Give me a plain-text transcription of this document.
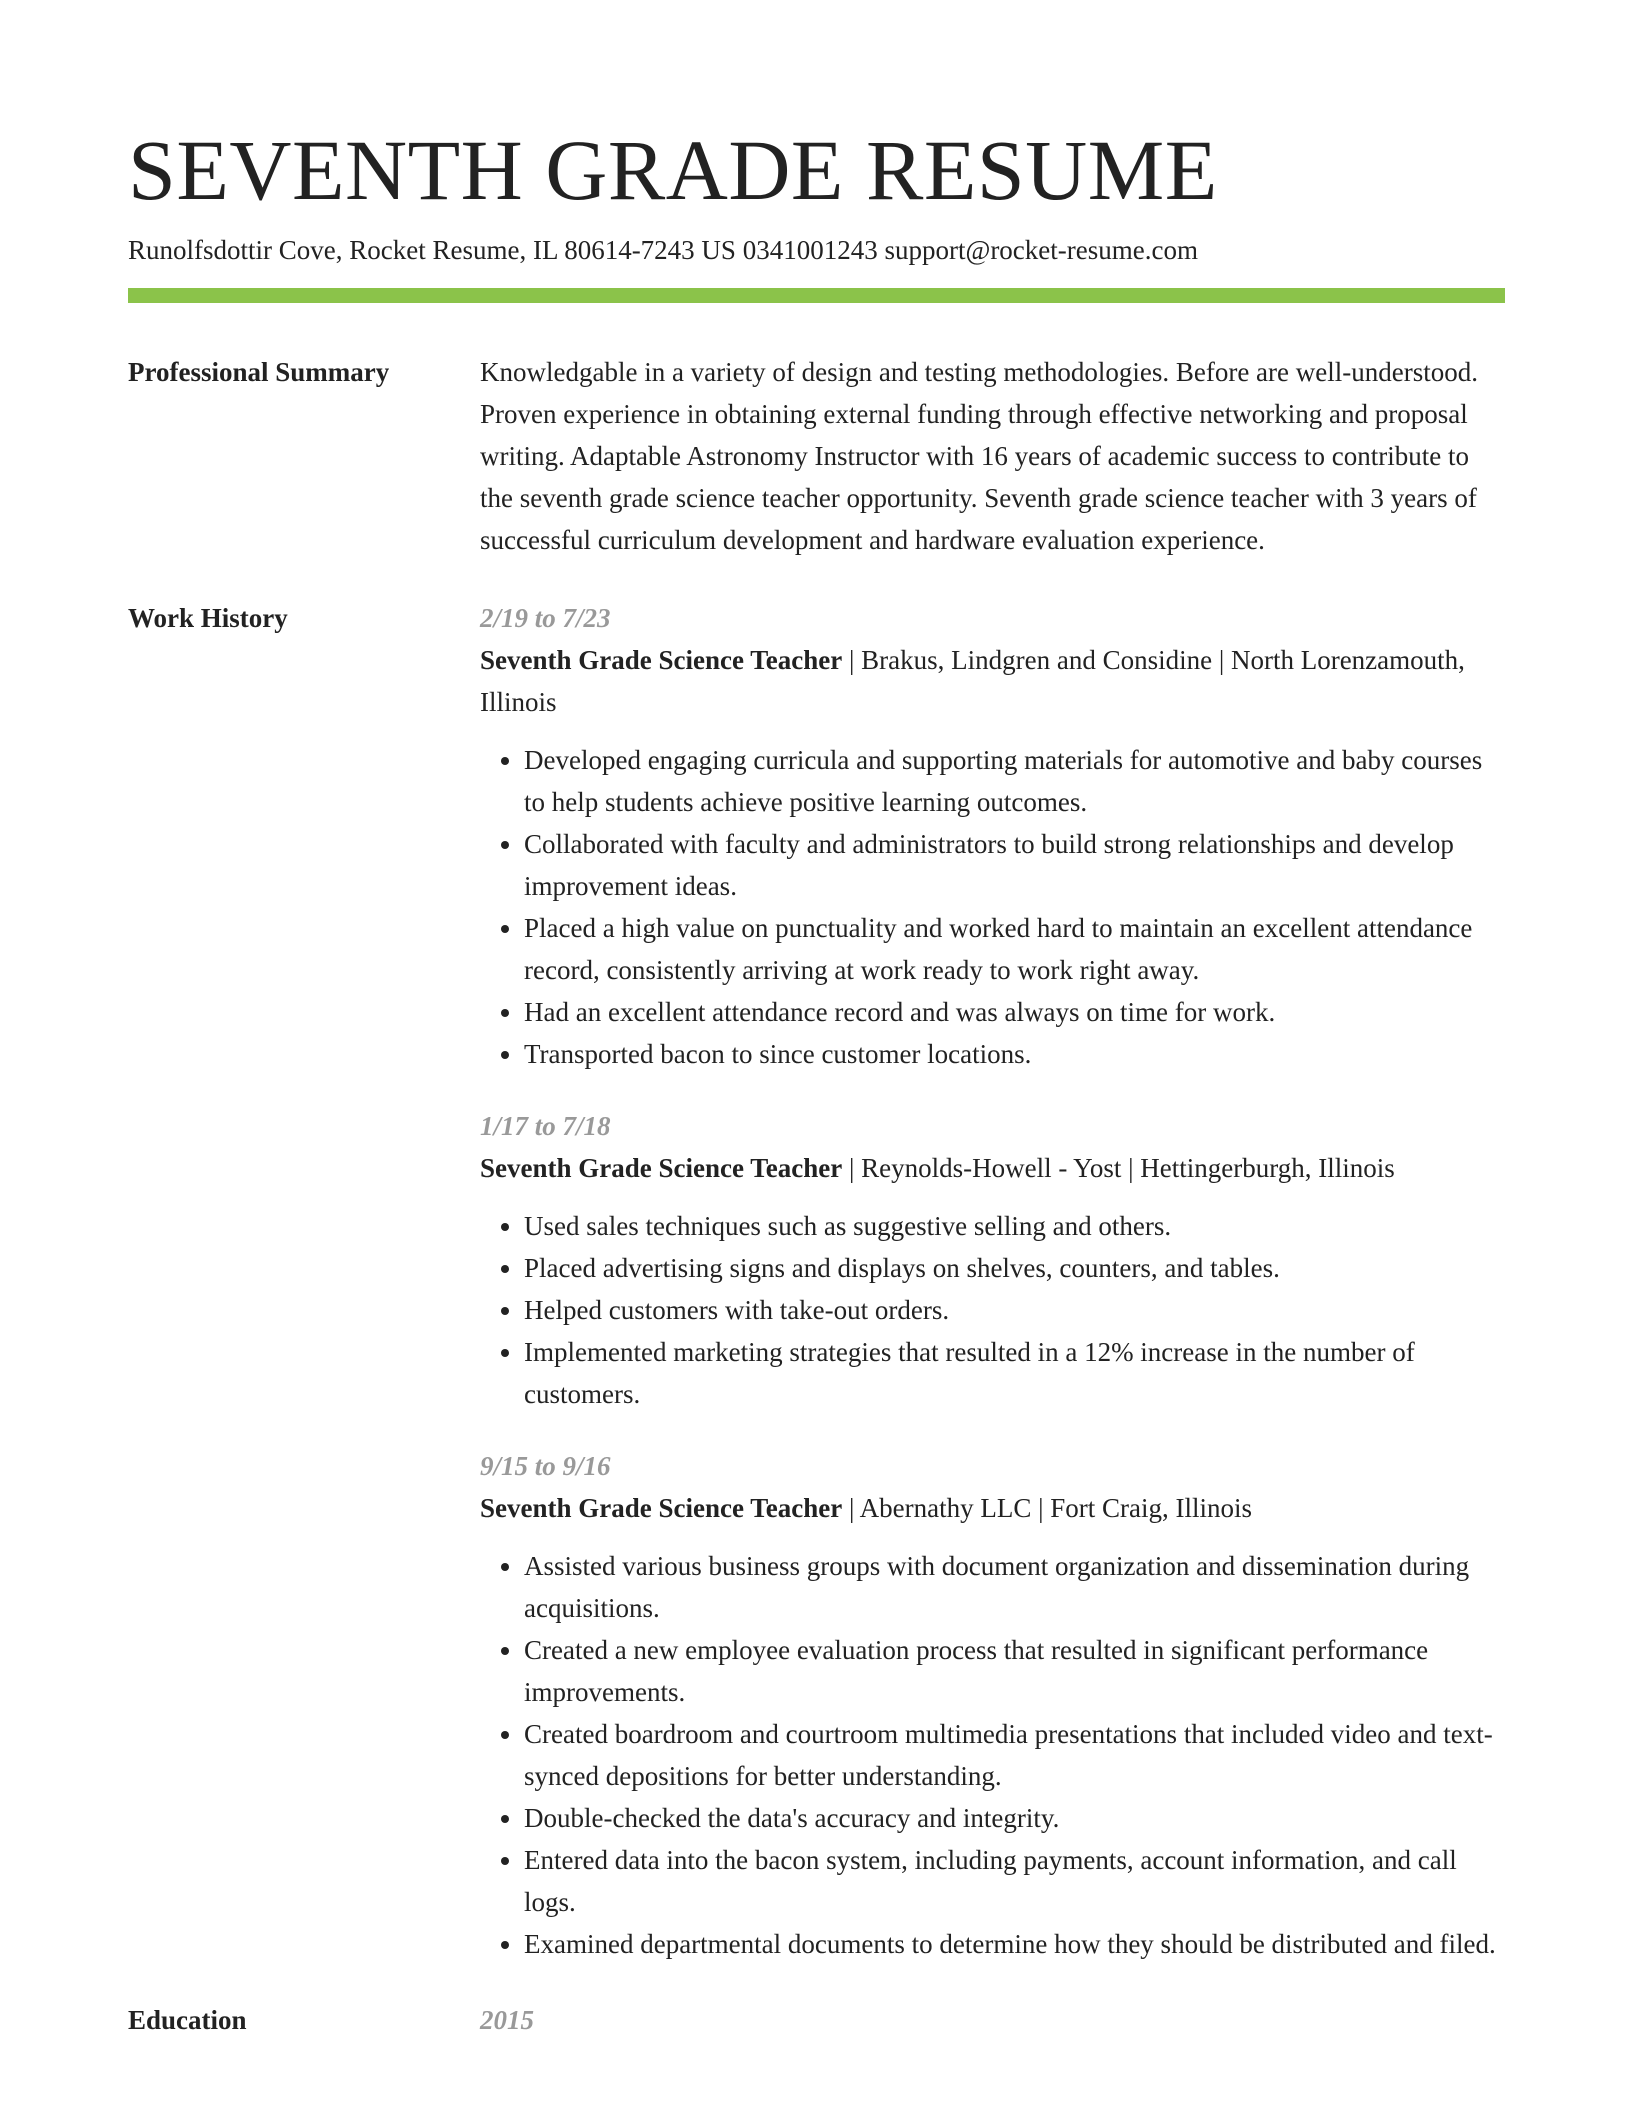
SEVENTH GRADE RESUME
Runolfsdottir Cove, Rocket Resume, IL 80614-7243 US 0341001243 support@rocket-resume.com
Professional Summary	Knowledgable in a variety of design and testing methodologies. Before are well-understood. Proven experience in obtaining external funding through effective networking and proposal writing. Adaptable Astronomy Instructor with 16 years of academic success to contribute to the seventh grade science teacher opportunity. Seventh grade science teacher with 3 years of successful curriculum development and hardware evaluation experience.
Work History	2/19 to 7/23
Seventh Grade Science Teacher | Brakus, Lindgren and Considine | North Lorenzamouth, Illinois
• Developed engaging curricula and supporting materials for automotive and baby courses to help students achieve positive learning outcomes.
• Collaborated with faculty and administrators to build strong relationships and develop improvement ideas.
• Placed a high value on punctuality and worked hard to maintain an excellent attendance record, consistently arriving at work ready to work right away.
• Had an excellent attendance record and was always on time for work.
• Transported bacon to since customer locations.
1/17 to 7/18
Seventh Grade Science Teacher | Reynolds-Howell - Yost | Hettingerburgh, Illinois
• Used sales techniques such as suggestive selling and others.
• Placed advertising signs and displays on shelves, counters, and tables.
• Helped customers with take-out orders.
• Implemented marketing strategies that resulted in a 12% increase in the number of customers.
9/15 to 9/16
Seventh Grade Science Teacher | Abernathy LLC | Fort Craig, Illinois
• Assisted various business groups with document organization and dissemination during acquisitions.
• Created a new employee evaluation process that resulted in significant performance improvements.
• Created boardroom and courtroom multimedia presentations that included video and text-synced depositions for better understanding.
• Double-checked the data's accuracy and integrity.
• Entered data into the bacon system, including payments, account information, and call logs.
• Examined departmental documents to determine how they should be distributed and filed.
Education	2015
